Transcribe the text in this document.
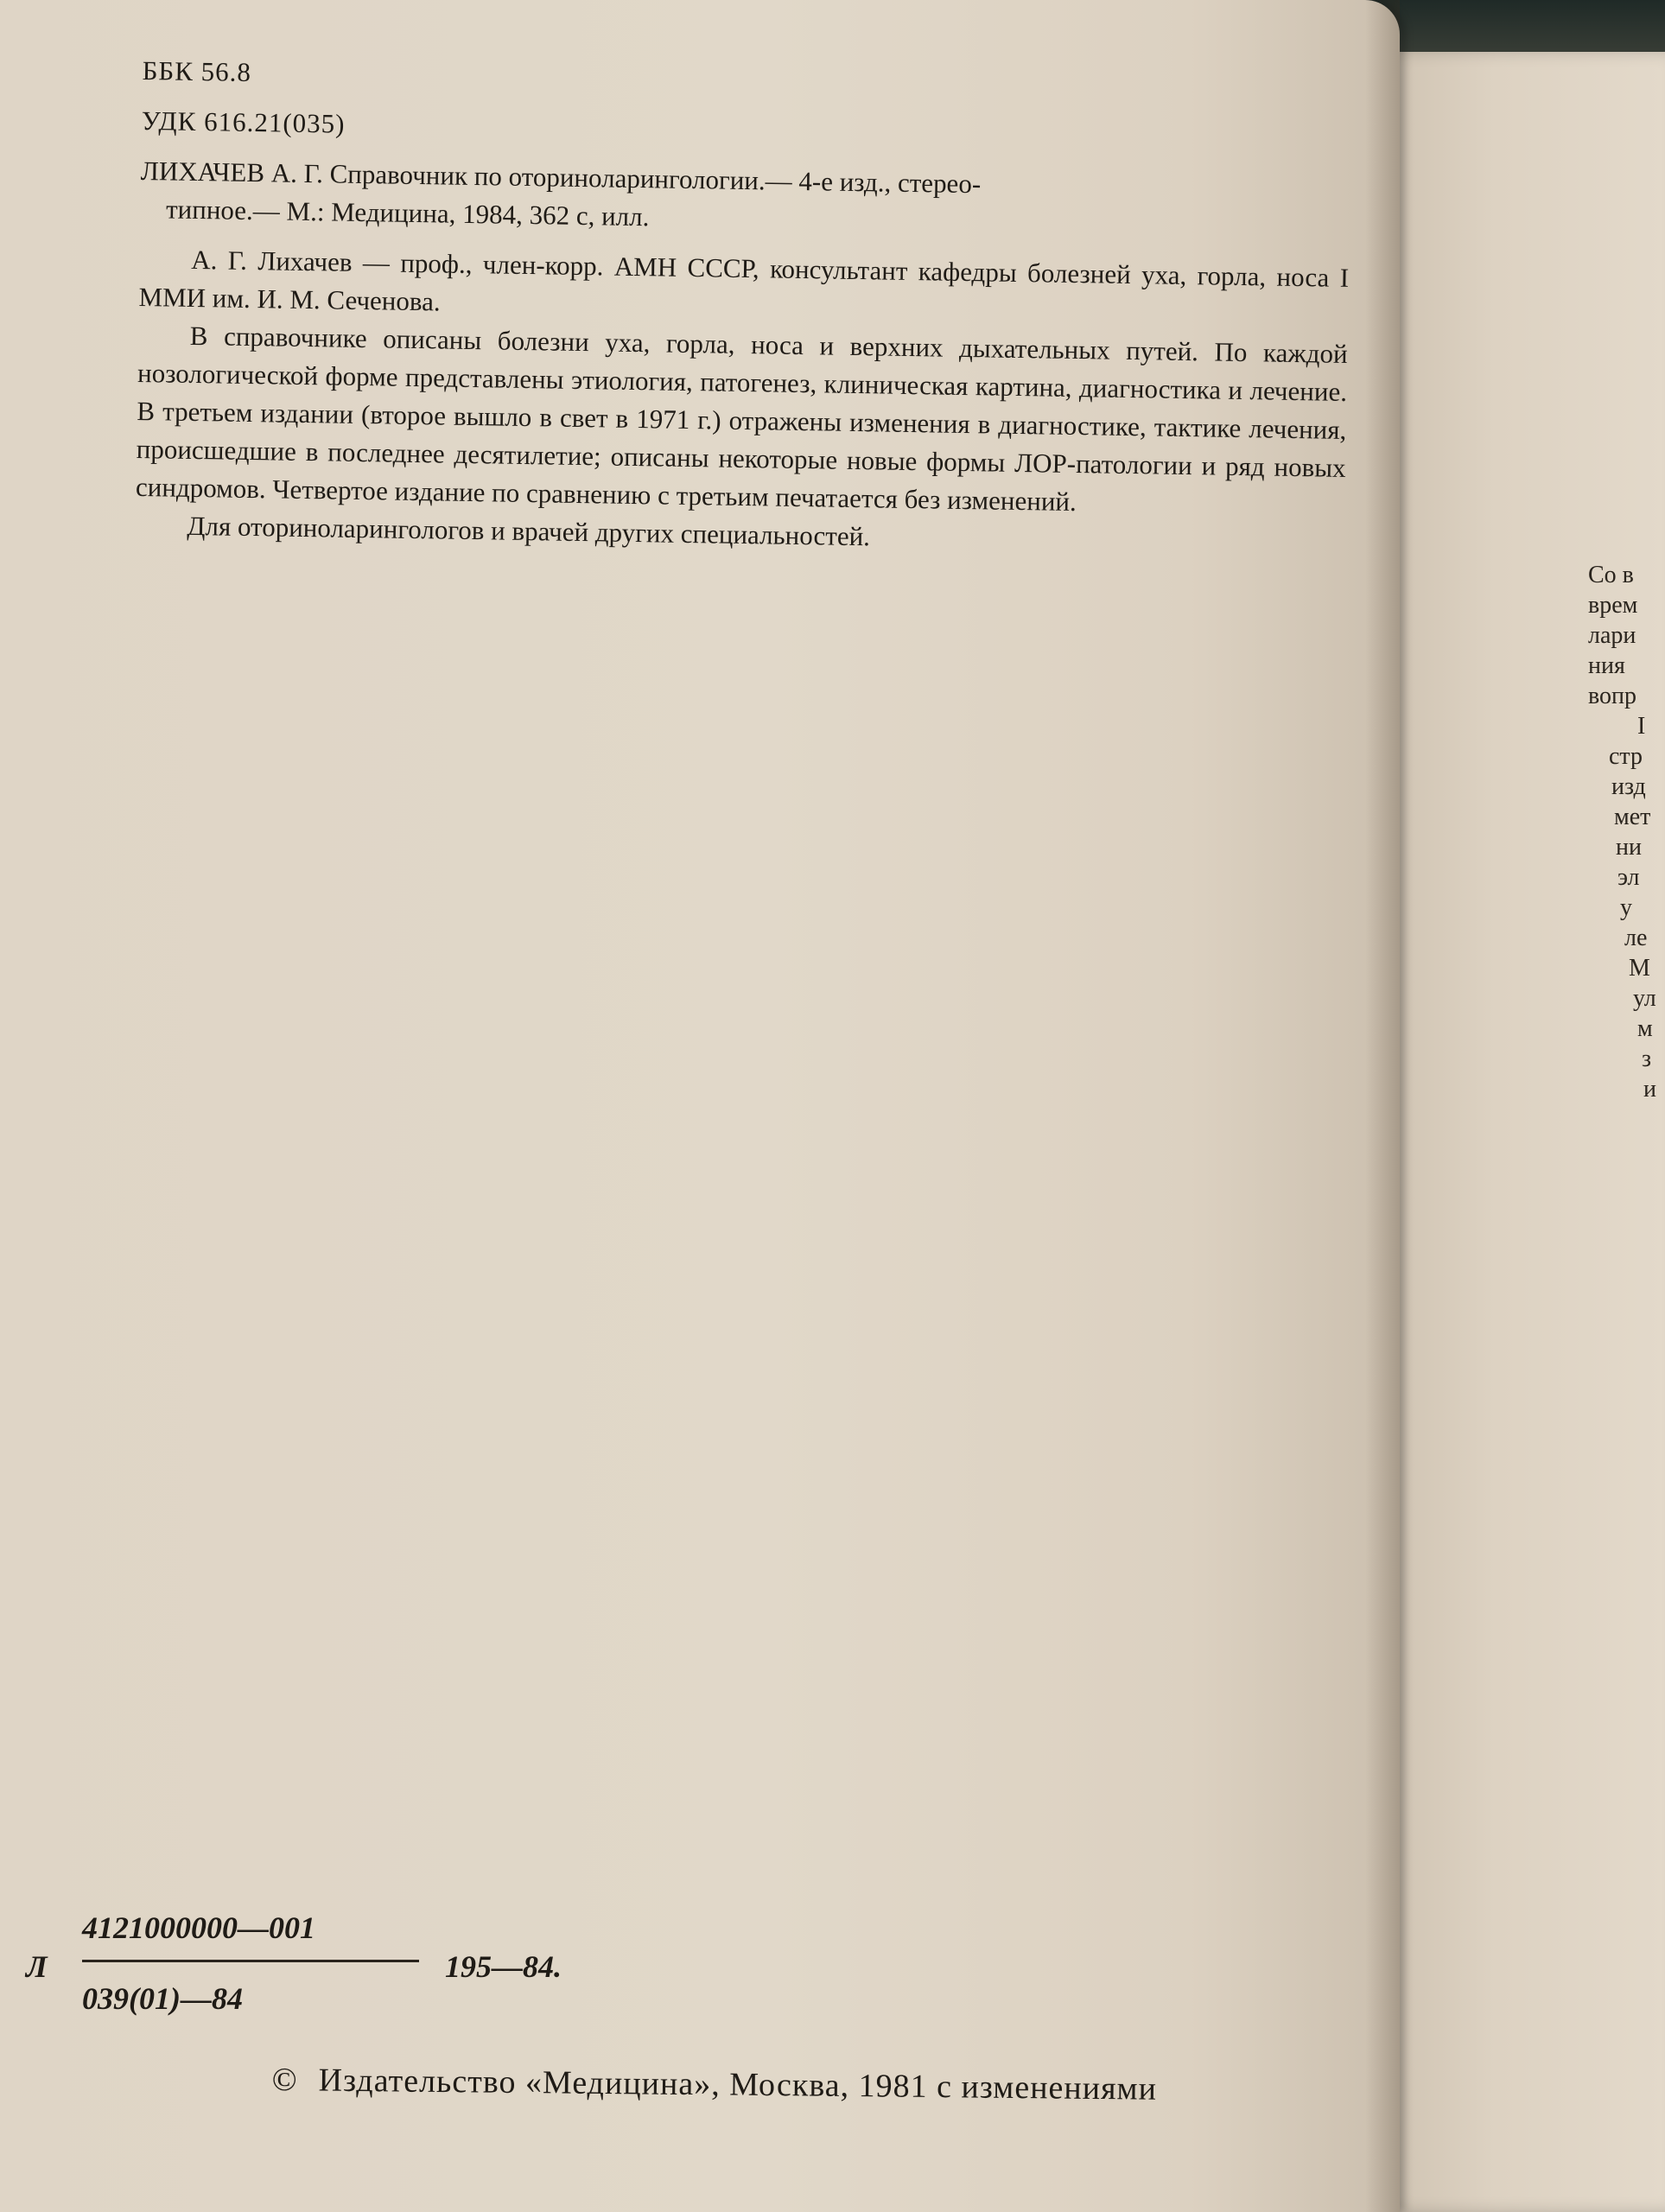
Со в
врем
лари
ния
вопр
I
стр
изд
мет
ни
эл
у
ле
М
ул
м
з
и
ББК 56.8
УДК 616.21(035)
ЛИХАЧЕВ А. Г. Справочник по оториноларингологии.— 4-е изд., стерео-
типное.— М.: Медицина, 1984, 362 с, илл.

А. Г. Лихачев — проф., член-корр. АМН СССР, консультант кафедры болезней уха, горла, носа I ММИ им. И. М. Сеченова.

В справочнике описаны болезни уха, горла, носа и верхних дыхательных путей. По каждой нозологической форме представлены этиология, патогенез, клиническая картина, диагностика и лечение. В третьем издании (второе вышло в свет в 1971 г.) отражены изменения в диагностике, тактике лечения, происшедшие в последнее десятилетие; описаны некоторые новые формы ЛОР-патологии и ряд новых синдромов. Четвертое издание по сравнению с третьим печатается без изменений.

Для оториноларингологов и врачей других специальностей.

Л
4121000000—001
039(01)—84
195—84.
© Издательство «Медицина», Москва, 1981 с изменениями
